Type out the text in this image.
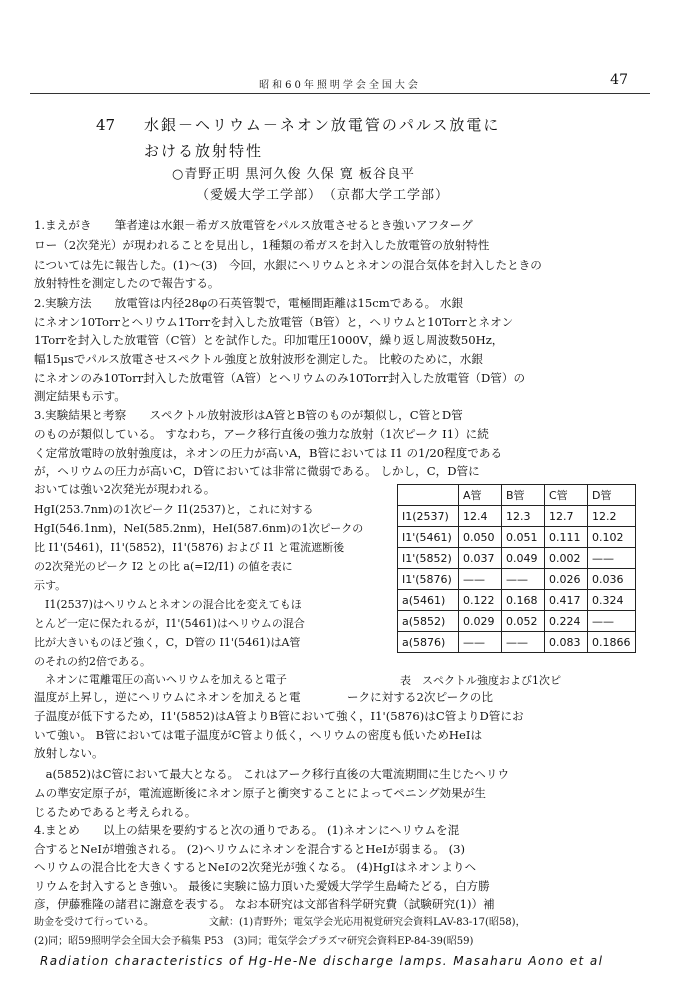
昭和60年照明学会全国大会	47
47 水銀－ヘリウム－ネオン放電管のパルス放電に
おける放射特性
○青野正明 黒河久俊 久保 寛 板谷良平
（愛媛大学工学部）　（京都大学工学部）
1.まえがき　　筆者達は水銀－希ガス放電管をパルス放電させるとき強いアフターグ
ロー（2次発光）が現われることを見出し，1種類の希ガスを封入した放電管の放射特性
については先に報告した。(1)～(3)　今回，水銀にヘリウムとネオンの混合気体を封入したときの
放射特性を測定したので報告する。
2.実験方法　　放電管は内径28φの石英管製で，電極間距離は15cmである。 水銀
にネオン10Torrとヘリウム1Torrを封入した放電管（B管）と，ヘリウムと10Torrとネオン
1Torrを封入した放電管（C管）とを試作した。印加電圧1000V，繰り返し周波数50Hz，
幅15μsでパルス放電させスペクトル強度と放射波形を測定した。 比較のために，水銀
にネオンのみ10Torr封入した放電管（A管）とヘリウムのみ10Torr封入した放電管（D管）の
測定結果も示す。
3.実験結果と考察　　スペクトル放射波形はA管とB管のものが類似し，C管とD管
のものが類似している。 すなわち，アーク移行直後の強力な放射（1次ピーク I1）に続
く定常放電時の放射強度は，ネオンの圧力が高いA，B管においては I1 の1/20程度である
が，ヘリウムの圧力が高いC，D管においては非常に微弱である。 しかし，C，D管に
おいては強い2次発光が現われる。
HgI(253.7nm)の1次ピーク I1(2537)と，これに対する
HgI(546.1nm)，NeI(585.2nm)，HeI(587.6nm)の1次ピークの
比 I1'(5461)，I1'(5852)，I1'(5876) および I1 と電流遮断後
の2次発光のピーク I2 との比 a(=I2/I1) の値を表に
示す。
　I1(2537)はヘリウムとネオンの混合比を変えてもほ
とんど一定に保たれるが，I1'(5461)はヘリウムの混合
比が大きいものほど強く，C，D管の I1'(5461)はA管
のそれの約2倍である。
　ネオンに電離電圧の高いヘリウムを加えると電子
	A管	B管	C管	D管
I1(2537)	12.4	12.3	12.7	12.2
I1'(5461)	0.050	0.051	0.111	0.102
I1'(5852)	0.037	0.049	0.002	——
I1'(5876)	——	——	0.026	0.036
a(5461)	0.122	0.168	0.417	0.324
a(5852)	0.029	0.052	0.224	——
a(5876)	——	——	0.083	0.1866
表　スペクトル強度および1次ピ
温度が上昇し，逆にヘリウムにネオンを加えると電　　　　ークに対する2次ピークの比
子温度が低下するため，I1'(5852)はA管よりB管において強く，I1'(5876)はC管よりD管にお
いて強い。 B管においては電子温度がC管より低く，ヘリウムの密度も低いためHeIは
放射しない。
　a(5852)はC管において最大となる。 これはアーク移行直後の大電流期間に生じたヘリウ
ムの準安定原子が，電流遮断後にネオン原子と衝突することによってペニング効果が生
じるためであると考えられる。
4.まとめ　　以上の結果を要約すると次の通りである。 (1)ネオンにヘリウムを混
合するとNeIが増強される。 (2)ヘリウムにネオンを混合するとHeIが弱まる。 (3)
ヘリウムの混合比を大きくするとNeIの2次発光が強くなる。 (4)HgIはネオンよりヘ
リウムを封入するとき強い。 最後に実験に協力頂いた愛媛大学学生島崎たどる，白方勝
彦，伊藤雅隆の諸君に謝意を表する。 なお本研究は文部省科学研究費（試験研究(1)）補
助金を受けて行っている。　　　　　　文献：(1)青野外；電気学会光応用視覚研究会資料LAV-83-17(昭58)，
(2)同；昭59照明学会全国大会予稿集 P53　(3)同；電気学会プラズマ研究会資料EP-84-39(昭59)
Radiation characteristics of Hg-He-Ne discharge lamps. Masaharu Aono et al
